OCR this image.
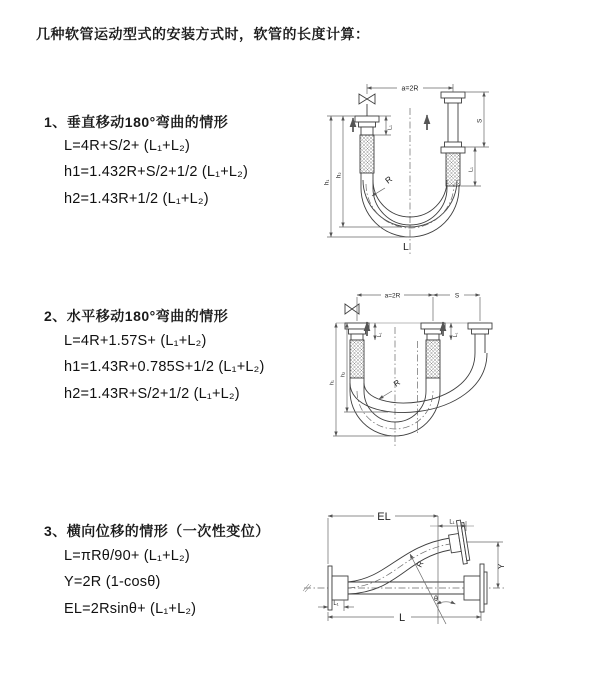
几种软管运动型式的安装方式时，软管的长度计算：
1、垂直移动180°弯曲的情形
L=4R+S/2+ (L₁+L₂)
h1=1.432R+S/2+1/2 (L₁+L₂)
h2=1.43R+1/2 (L₁+L₂)
2、水平移动180°弯曲的情形
L=4R+1.57S+ (L₁+L₂)
h1=1.43R+0.785S+1/2 (L₁+L₂)
h2=1.43R+S/2+1/2 (L₁+L₂)
3、横向位移的情形（一次性变位）
L=πRθ/90+ (L₁+L₂)
Y=2R (1-cosθ)
EL=2Rsinθ+ (L₁+L₂)
a=2R
S
L₁
h₁
h₂
L₁
R
L
a=2R	S
h₁
h₂
L₁	L₁
R
EL	L₁
Y
R
θ
L₁
L
